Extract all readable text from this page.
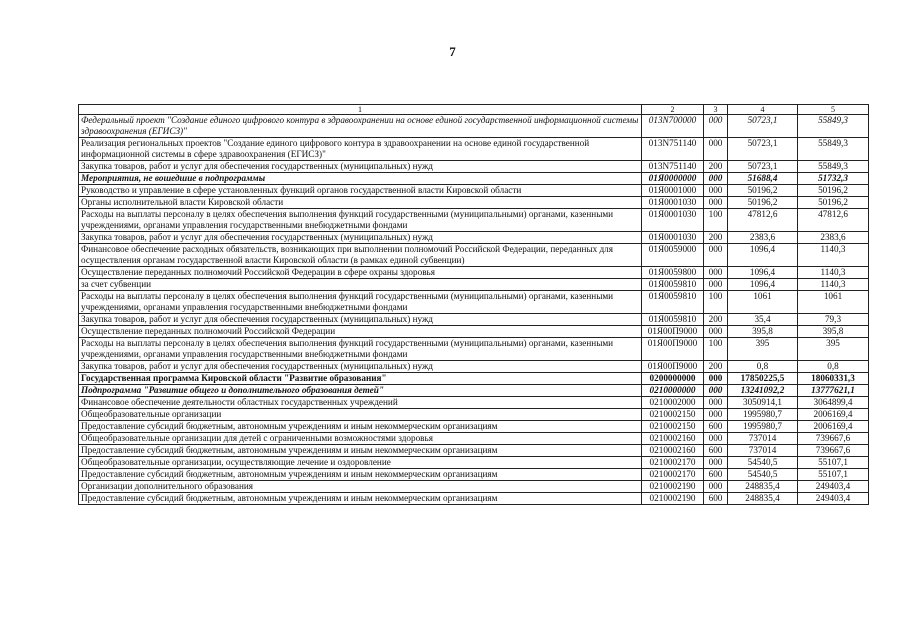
7
1	2	3	4	5
Федеральный проект "Создание единого цифрового контура в здравоохранении на основе единой государственной информационной системы здравоохранения (ЕГИСЗ)"	013N700000	000	50723,1	55849,3
Реализация региональных проектов "Создание единого цифрового контура в здравоохранении на основе единой государственной информационной системы в сфере здравоохранения (ЕГИСЗ)"	013N751140	000	50723,1	55849,3
Закупка товаров, работ и услуг для обеспечения государственных (муниципальных) нужд	013N751140	200	50723,1	55849,3
Мероприятия, не вошедшие в подпрограммы	01Я0000000	000	51688,4	51732,3
Руководство и управление в сфере установленных функций органов государственной власти Кировской области	01Я0001000	000	50196,2	50196,2
Органы исполнительной власти Кировской области	01Я0001030	000	50196,2	50196,2
Расходы на выплаты персоналу в целях обеспечения выполнения функций государственными (муниципальными) органами, казенными учреждениями, органами управления государственными внебюджетными фондами	01Я0001030	100	47812,6	47812,6
Закупка товаров, работ и услуг для обеспечения государственных (муниципальных) нужд	01Я0001030	200	2383,6	2383,6
Финансовое обеспечение расходных обязательств, возникающих при выполнении полномочий Российской Федерации, переданных для осуществления органам государственной власти Кировской области (в рамках единой субвенции)	01Я0059000	000	1096,4	1140,3
Осуществление переданных полномочий Российской Федерации в сфере охраны здоровья	01Я0059800	000	1096,4	1140,3
за счет субвенции	01Я0059810	000	1096,4	1140,3
Расходы на выплаты персоналу в целях обеспечения выполнения функций государственными (муниципальными) органами, казенными учреждениями, органами управления государственными внебюджетными фондами	01Я0059810	100	1061	1061
Закупка товаров, работ и услуг для обеспечения государственных (муниципальных) нужд	01Я0059810	200	35,4	79,3
Осуществление переданных полномочий Российской Федерации	01Я00П9000	000	395,8	395,8
Расходы на выплаты персоналу в целях обеспечения выполнения функций государственными (муниципальными) органами, казенными учреждениями, органами управления государственными внебюджетными фондами	01Я00П9000	100	395	395
Закупка товаров, работ и услуг для обеспечения государственных (муниципальных) нужд	01Я00П9000	200	0,8	0,8
Государственная программа Кировской области "Развитие образования"	0200000000	000	17850225,5	18060331,3
Подпрограмма "Развитие общего и дополнительного образования детей"	0210000000	000	13241092,2	13777621,1
Финансовое обеспечение деятельности областных государственных учреждений	0210002000	000	3050914,1	3064899,4
Общеобразовательные организации	0210002150	000	1995980,7	2006169,4
Предоставление субсидий бюджетным, автономным учреждениям и иным некоммерческим организациям	0210002150	600	1995980,7	2006169,4
Общеобразовательные организации для детей с ограниченными возможностями здоровья	0210002160	000	737014	739667,6
Предоставление субсидий бюджетным, автономным учреждениям и иным некоммерческим организациям	0210002160	600	737014	739667,6
Общеобразовательные организации, осуществляющие лечение и оздоровление	0210002170	000	54540,5	55107,1
Предоставление субсидий бюджетным, автономным учреждениям и иным некоммерческим организациям	0210002170	600	54540,5	55107,1
Организации дополнительного образования	0210002190	000	248835,4	249403,4
Предоставление субсидий бюджетным, автономным учреждениям и иным некоммерческим организациям	0210002190	600	248835,4	249403,4
